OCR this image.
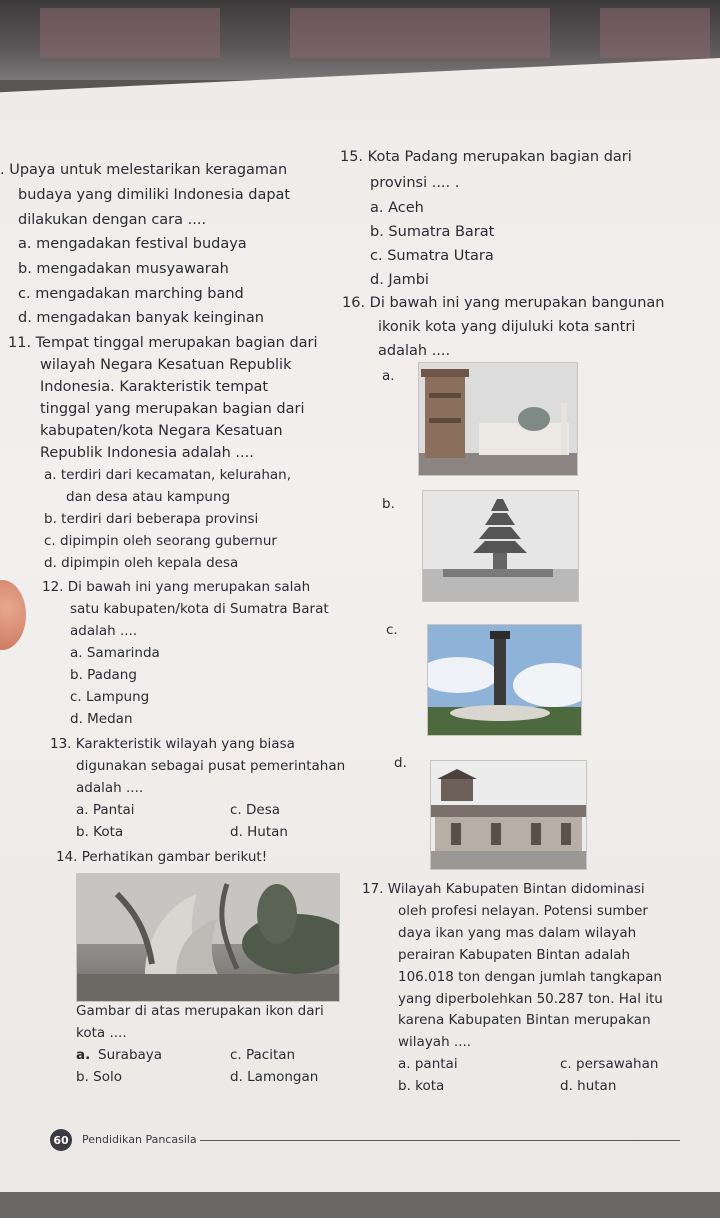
. Upaya untuk melestarikan keragaman
budaya yang dimiliki Indonesia dapat
dilakukan dengan cara ....
a. mengadakan festival budaya
b. mengadakan musyawarah
c. mengadakan marching band
d. mengadakan banyak keinginan
11. Tempat tinggal merupakan bagian dari
wilayah Negara Kesatuan Republik
Indonesia. Karakteristik tempat
tinggal yang merupakan bagian dari
kabupaten/kota Negara Kesatuan
Republik Indonesia adalah ....
a. terdiri dari kecamatan, kelurahan,
dan desa atau kampung
b. terdiri dari beberapa provinsi
c. dipimpin oleh seorang gubernur
d. dipimpin oleh kepala desa
12. Di bawah ini yang merupakan salah
satu kabupaten/kota di Sumatra Barat
adalah ....
a. Samarinda
b. Padang
c. Lampung
d. Medan
13. Karakteristik wilayah yang biasa
digunakan sebagai pusat pemerintahan
adalah ....
a. Pantai	c. Desa
b. Kota	d. Hutan
14. Perhatikan gambar berikut!
Gambar di atas merupakan ikon dari
kota ....
a. Surabaya	c. Pacitan
b. Solo	d. Lamongan
15. Kota Padang merupakan bagian dari
provinsi .... .
a. Aceh
b. Sumatra Barat
c. Sumatra Utara
d. Jambi
16. Di bawah ini yang merupakan bangunan
ikonik kota yang dijuluki kota santri
adalah ....
a.
b.
c.
d.
17. Wilayah Kabupaten Bintan didominasi
oleh profesi nelayan. Potensi sumber
daya ikan yang mas dalam wilayah
perairan Kabupaten Bintan adalah
106.018 ton dengan jumlah tangkapan
yang diperbolehkan 50.287 ton. Hal itu
karena Kabupaten Bintan merupakan
wilayah ....
a. pantai	c. persawahan
b. kota	d. hutan
60	Pendidikan Pancasila
